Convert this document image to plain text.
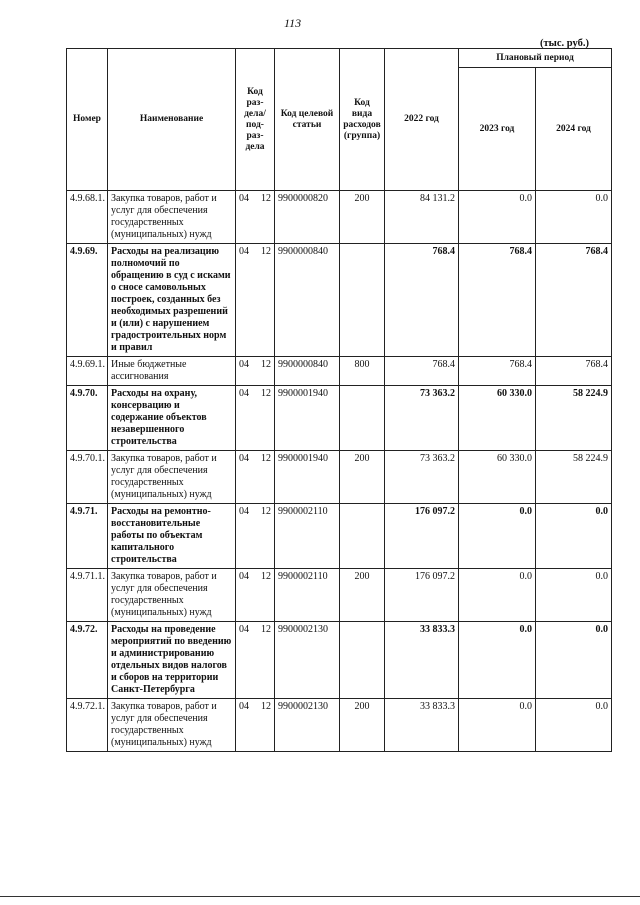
113
(тыс. руб.)
Номер	Наименование	Код раз-дела/ под-раз-дела	Код целевой статьи	Код вида расходов (группа)	2022 год	Плановый период	
						2023 год	2024 год
4.9.68.1.	Закупка товаров, работ и услуг для обеспечения государственных (муниципальных) нужд	04 12	9900000820	200	84 131.2	0.0	0.0
4.9.69.	Расходы на реализацию полномочий по обращению в суд с исками о сносе самовольных построек, созданных без необходимых разрешений и (или) с нарушением градостроительных норм и правил	04 12	9900000840		768.4	768.4	768.4
4.9.69.1.	Иные бюджетные ассигнования	04 12	9900000840	800	768.4	768.4	768.4
4.9.70.	Расходы на охрану, консервацию и содержание объектов незавершенного строительства	04 12	9900001940		73 363.2	60 330.0	58 224.9
4.9.70.1.	Закупка товаров, работ и услуг для обеспечения государственных (муниципальных) нужд	04 12	9900001940	200	73 363.2	60 330.0	58 224.9
4.9.71.	Расходы на ремонтно-восстановительные работы по объектам капитального строительства	04 12	9900002110		176 097.2	0.0	0.0
4.9.71.1.	Закупка товаров, работ и услуг для обеспечения государственных (муниципальных) нужд	04 12	9900002110	200	176 097.2	0.0	0.0
4.9.72.	Расходы на проведение мероприятий по введению и администрированию отдельных видов налогов и сборов на территории Санкт-Петербурга	04 12	9900002130		33 833.3	0.0	0.0
4.9.72.1.	Закупка товаров, работ и услуг для обеспечения государственных (муниципальных) нужд	04 12	9900002130	200	33 833.3	0.0	0.0
